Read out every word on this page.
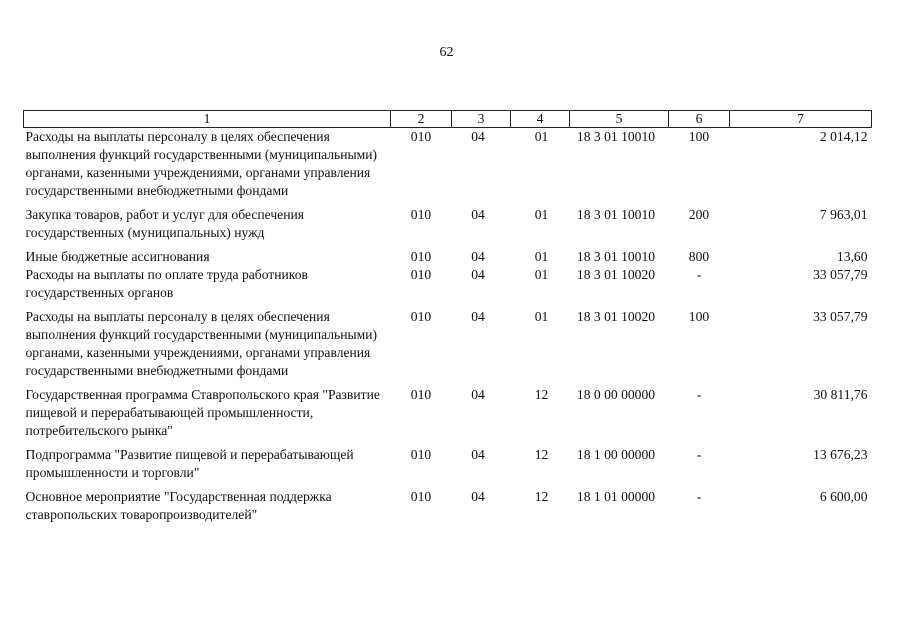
62
1	2	3	4	5	6	7
Расходы на выплаты персоналу в целях обеспечения выполнения функций государственными (муниципальными) органами, казенными учреждениями, органами управления государственными внебюджетными фондами	010	04	01	18 3 01 10010	100	2 014,12
Закупка товаров, работ и услуг для обеспечения государственных (муниципальных) нужд	010	04	01	18 3 01 10010	200	7 963,01
Иные бюджетные ассигнования	010	04	01	18 3 01 10010	800	13,60
Расходы на выплаты по оплате труда работников государственных органов	010	04	01	18 3 01 10020	-	33 057,79
Расходы на выплаты персоналу в целях обеспечения выполнения функций государственными (муниципальными) органами, казенными учреждениями, органами управления государственными внебюджетными фондами	010	04	01	18 3 01 10020	100	33 057,79
Государственная программа Ставропольского края "Развитие пищевой и перерабатывающей промышленности, потребительского рынка"	010	04	12	18 0 00 00000	-	30 811,76
Подпрограмма "Развитие пищевой и перерабатывающей промышленности и торговли"	010	04	12	18 1 00 00000	-	13 676,23
Основное мероприятие "Государственная поддержка ставропольских товаропроизводителей"	010	04	12	18 1 01 00000	-	6 600,00
